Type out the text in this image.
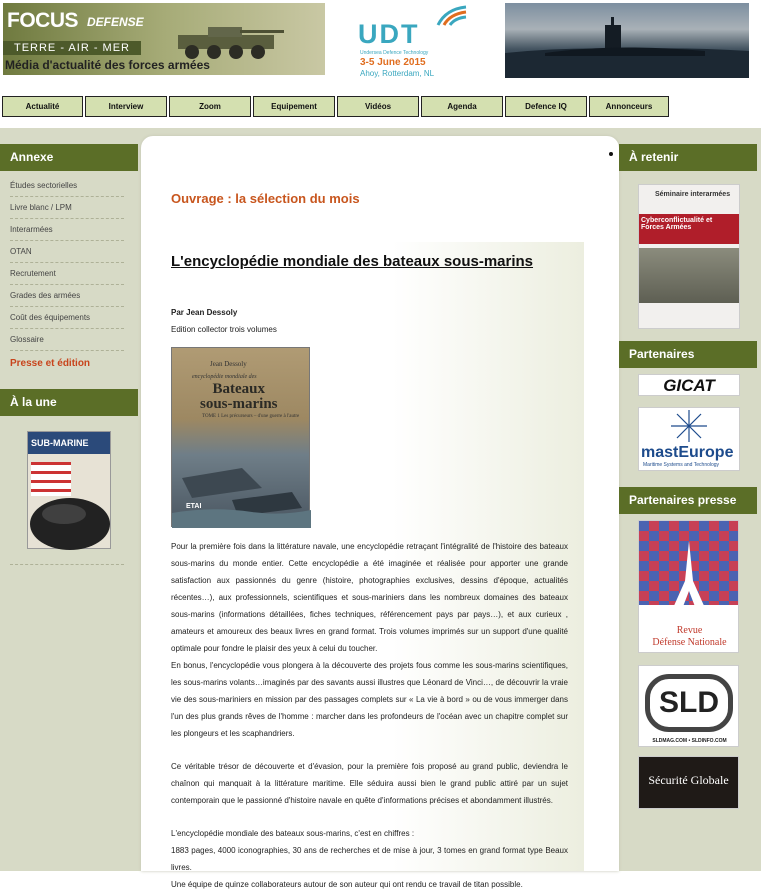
FOCUS DEFENSE
TERRE - AIR - MER
Média d'actualité des forces armées
UDT
Undersea Defence Technology
3-5 June 2015
Ahoy, Rotterdam, NL
Actualité	Interview	Zoom	Equipement	Vidéos	Agenda	Defence IQ	Annonceurs
Annexe
Études sectorielles
Livre blanc / LPM
Interarmées
OTAN
Recrutement
Grades des armées
Coût des équipements
Glossaire
Presse et édition
À la une
SUB-MARINE
Ouvrage : la sélection du mois
L'encyclopédie mondiale des bateaux sous-marins
Par Jean Dessoly
Edition collector trois volumes
Jean Dessoly
encyclopédie mondiale des
Bateaux
sous-marins
TOME 1 Les précurseurs – d'une guerre à l'autre
ETAI
Pour la première fois dans la littérature navale, une encyclopédie retraçant l'intégralité de l'histoire des bateaux sous-marins du monde entier. Cette encyclopédie a été imaginée et réalisée pour apporter une grande satisfaction aux passionnés du genre (histoire, photographies exclusives, dessins d'époque, actualités récentes…), aux professionnels, scientifiques et sous-mariniers dans les nombreux domaines des bateaux sous-marins (informations détaillées, fiches techniques, référencement pays par pays…), et aux curieux , amateurs et amoureux des beaux livres en grand format. Trois volumes imprimés sur un support d'une qualité optimale pour fondre le plaisir des yeux à celui du toucher.
En bonus, l'encyclopédie vous plongera à la découverte des projets fous comme les sous-marins scientifiques, les sous-marins volants…imaginés par des savants aussi illustres que Léonard de Vinci…, de découvrir la vraie vie des sous-mariniers en mission par des passages complets sur « La vie à bord » ou de vous immerger dans l'un des plus grands rêves de l'homme : marcher dans les profondeurs de l'océan avec un chapitre complet sur les plongeurs et les scaphandriers.
Ce véritable trésor de découverte et d'évasion, pour la première fois proposé au grand public, deviendra le chaînon qui manquait à la littérature maritime. Elle séduira aussi bien le grand public attiré par un sujet contemporain que le passionné d'histoire navale en quête d'informations précises et abondamment illustrés.
L'encyclopédie mondiale des bateaux sous-marins, c'est en chiffres :
1883 pages, 4000 iconographies, 30 ans de recherches et de mise à jour, 3 tomes en grand format type Beaux livres.
Une équipe de quinze collaborateurs autour de son auteur qui ont rendu ce travail de titan possible.
À retenir
Séminaire interarmées
Cyberconflictualité et Forces Armées
Partenaires
GICAT
mastEurope
Maritime Systems and Technology
Partenaires presse
Revue
Défense Nationale
SLD
SLDMAG.COM • SLDINFO.COM
Sécurité Globale
